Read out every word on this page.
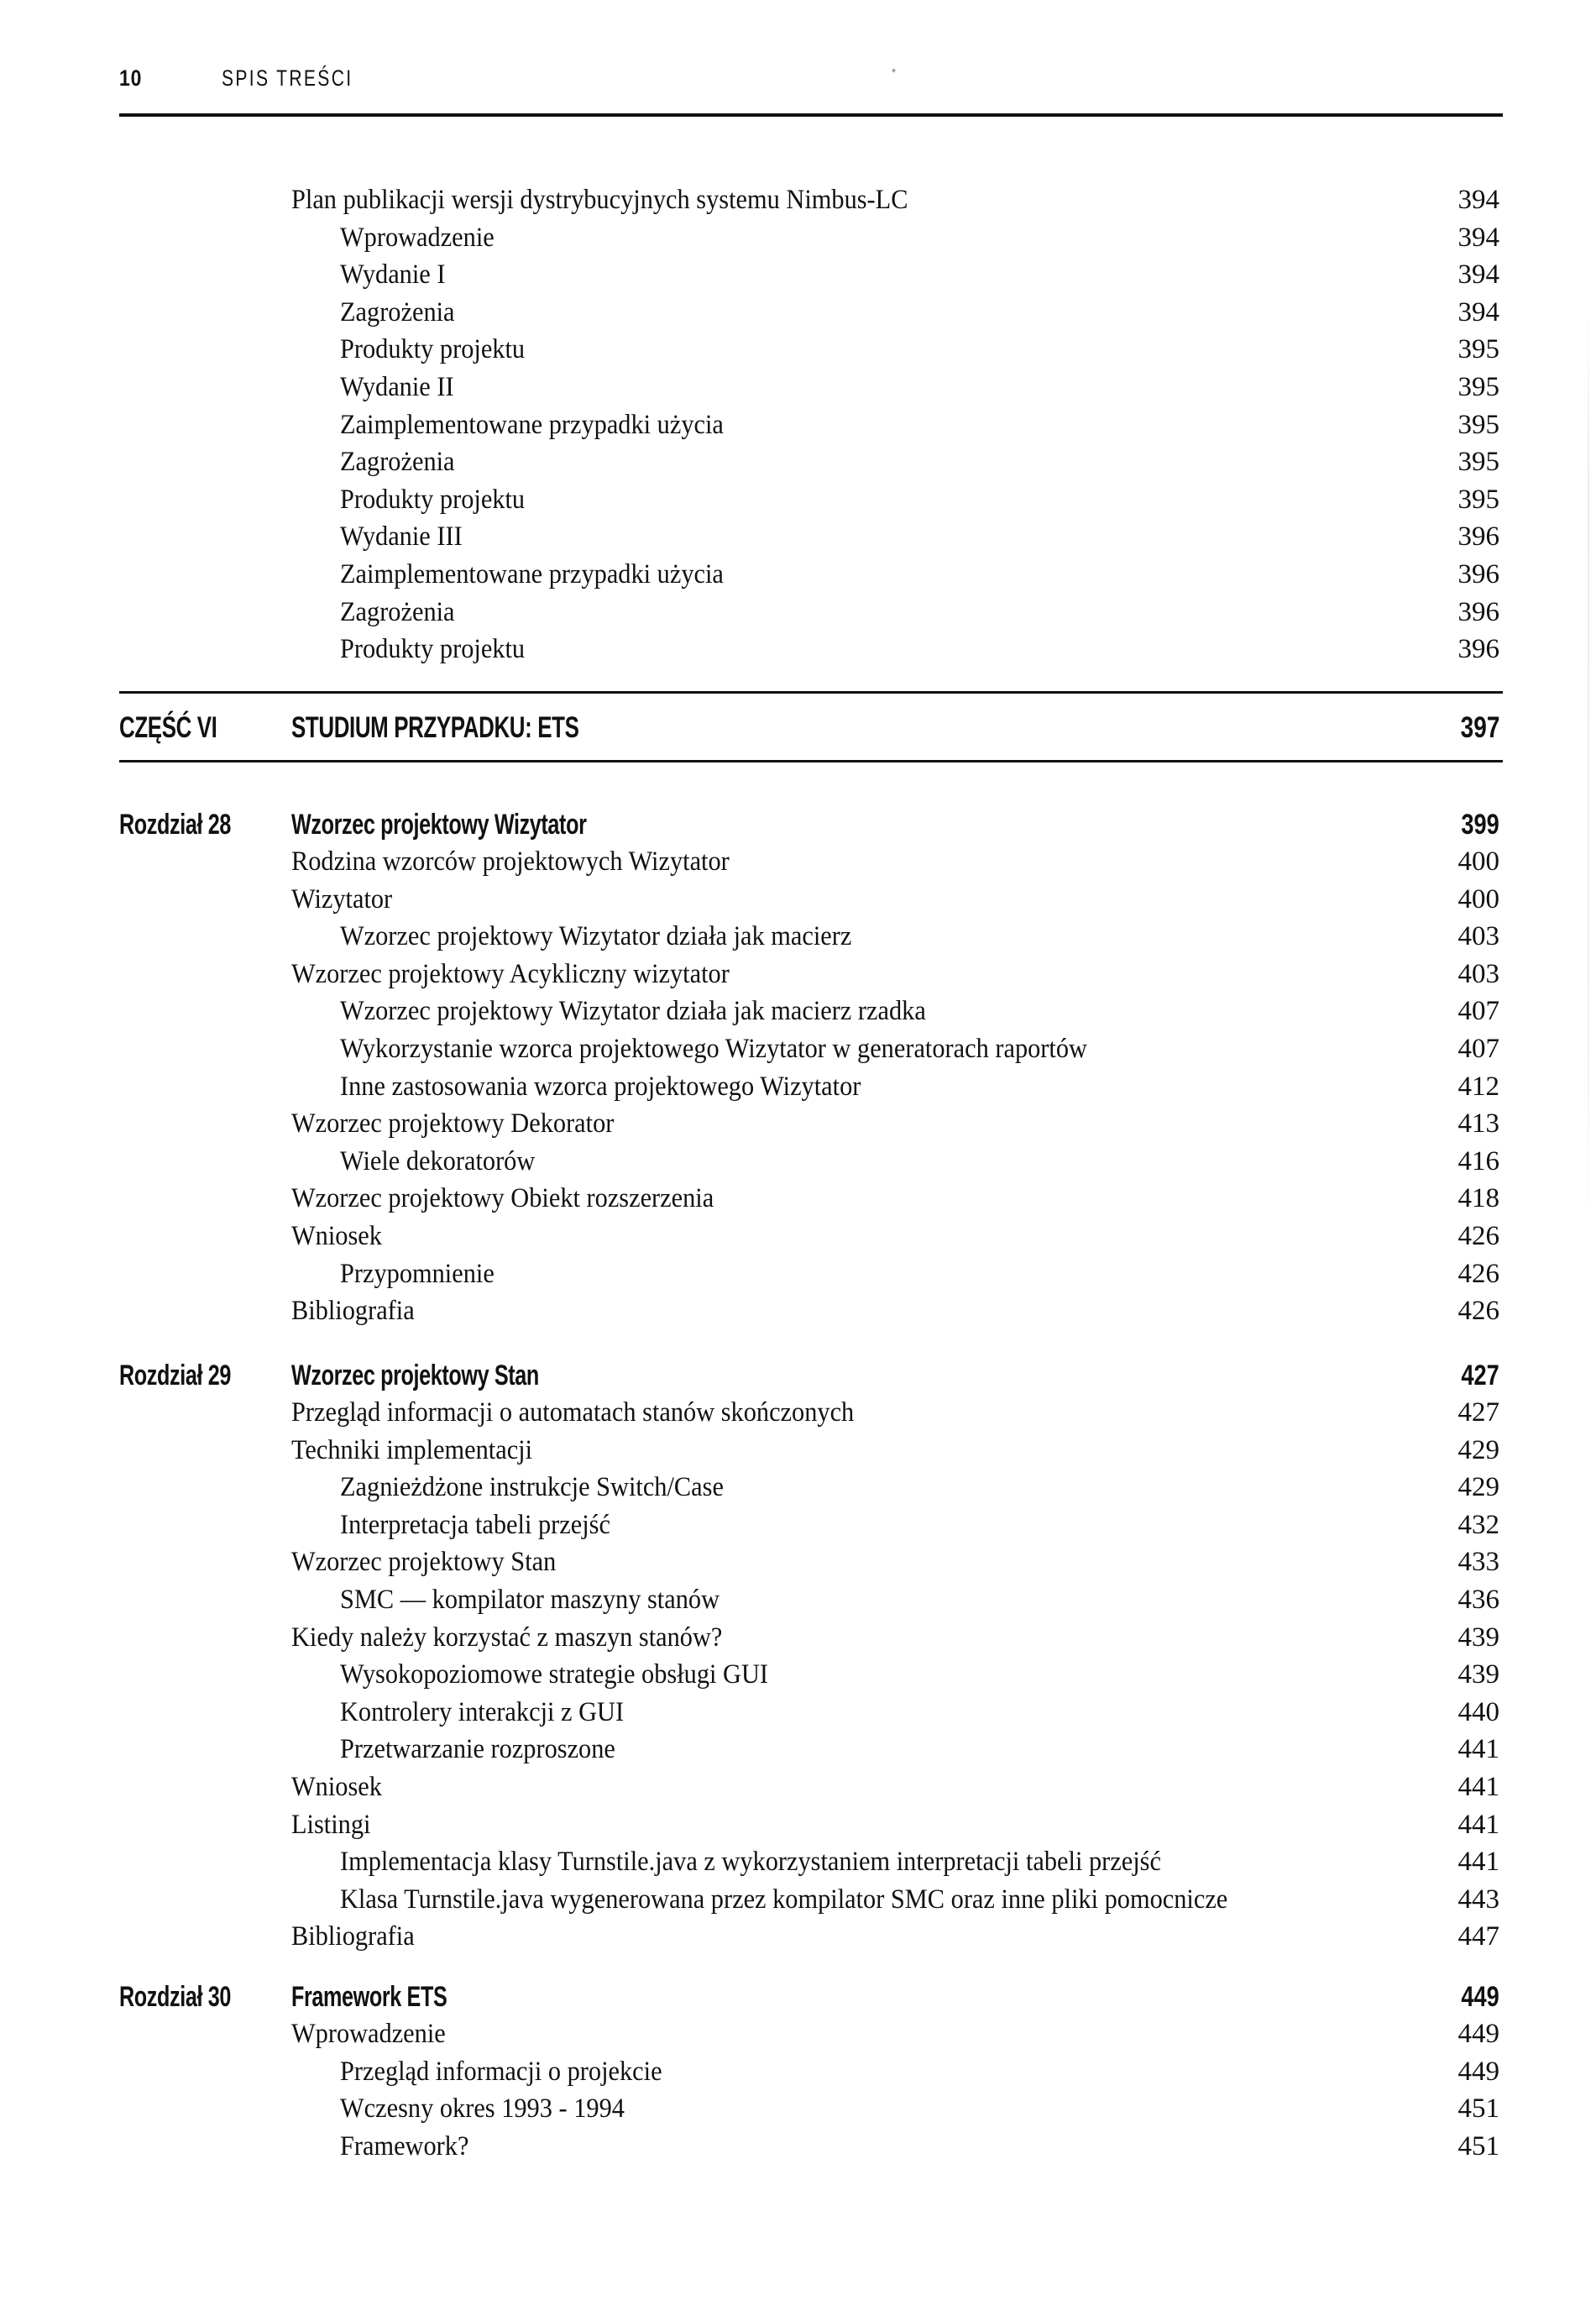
⁎
10	SPIS TREŚCI
Plan publikacji wersji dystrybucyjnych systemu Nimbus-LC	394
Wprowadzenie	394
Wydanie I	394
Zagrożenia	394
Produkty projektu	395
Wydanie II	395
Zaimplementowane przypadki użycia	395
Zagrożenia	395
Produkty projektu	395
Wydanie III	396
Zaimplementowane przypadki użycia	396
Zagrożenia	396
Produkty projektu	396
CZĘŚĆ VI	STUDIUM PRZYPADKU: ETS	397
Rozdział 28 Wzorzec projektowy Wizytator	399
Rodzina wzorców projektowych Wizytator	400
Wizytator	400
Wzorzec projektowy Wizytator działa jak macierz	403
Wzorzec projektowy Acykliczny wizytator	403
Wzorzec projektowy Wizytator działa jak macierz rzadka	407
Wykorzystanie wzorca projektowego Wizytator w generatorach raportów	407
Inne zastosowania wzorca projektowego Wizytator	412
Wzorzec projektowy Dekorator	413
Wiele dekoratorów	416
Wzorzec projektowy Obiekt rozszerzenia	418
Wniosek	426
Przypomnienie	426
Bibliografia	426
Rozdział 29 Wzorzec projektowy Stan	427
Przegląd informacji o automatach stanów skończonych	427
Techniki implementacji	429
Zagnieżdżone instrukcje Switch/Case	429
Interpretacja tabeli przejść	432
Wzorzec projektowy Stan	433
SMC — kompilator maszyny stanów	436
Kiedy należy korzystać z maszyn stanów?	439
Wysokopoziomowe strategie obsługi GUI	439
Kontrolery interakcji z GUI	440
Przetwarzanie rozproszone	441
Wniosek	441
Listingi	441
Implementacja klasy Turnstile.java z wykorzystaniem interpretacji tabeli przejść	441
Klasa Turnstile.java wygenerowana przez kompilator SMC oraz inne pliki pomocnicze	443
Bibliografia	447
Rozdział 30 Framework ETS	449
Wprowadzenie	449
Przegląd informacji o projekcie	449
Wczesny okres 1993 - 1994	451
Framework?	451
